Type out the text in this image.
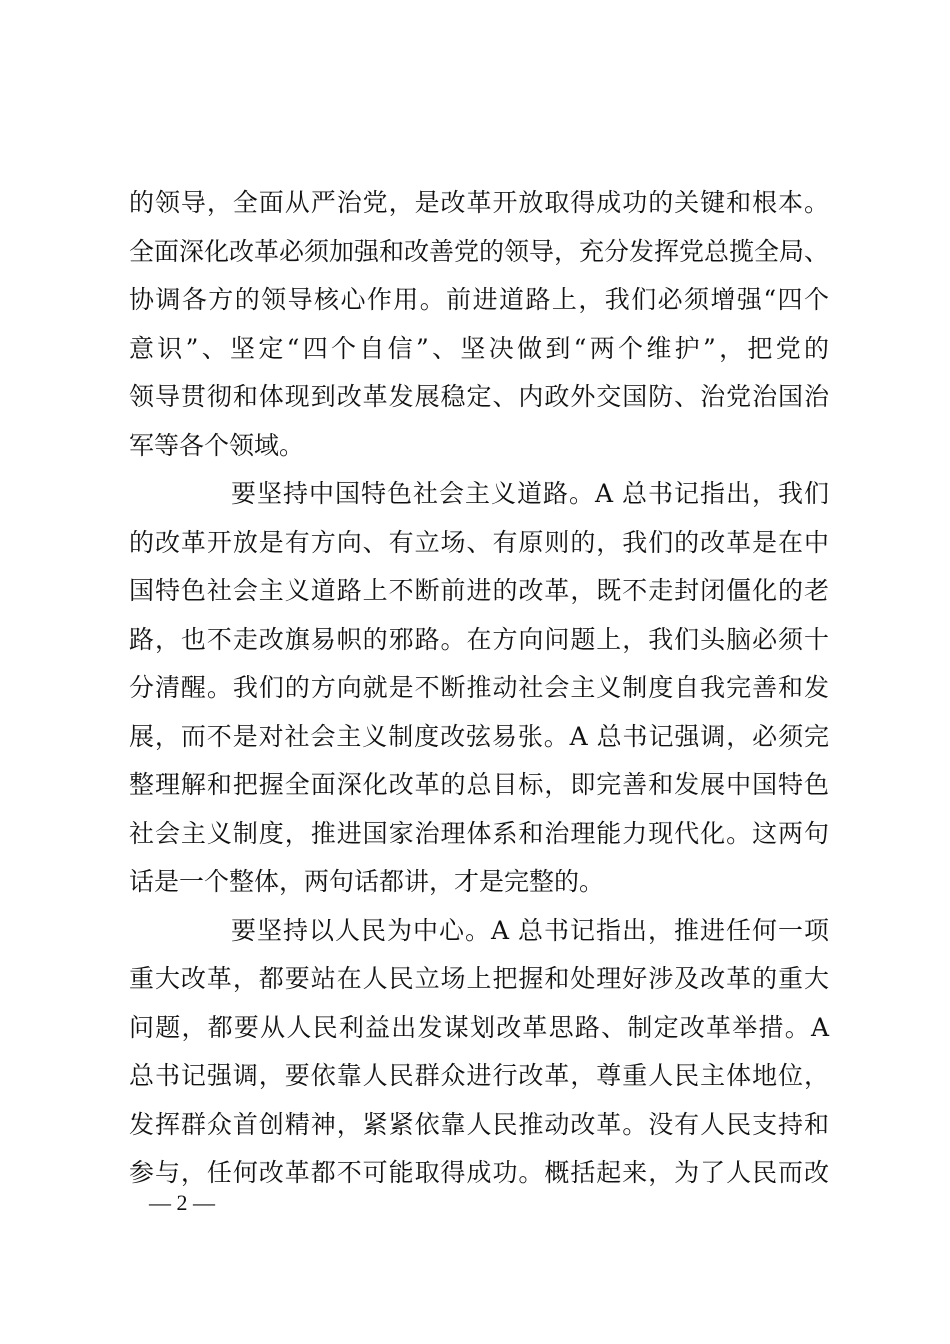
的领导，全面从严治党，是改革开放取得成功的关键和根本。
全面深化改革必须加强和改善党的领导，充分发挥党总揽全局、
协调各方的领导核心作用。前进道路上，我们必须增强“四个
意识”、坚定“四个自信”、坚决做到“两个维护”，把党的
领导贯彻和体现到改革发展稳定、内政外交国防、治党治国治
军等各个领域。
要坚持中国特色社会主义道路。A 总书记指出，我们
的改革开放是有方向、有立场、有原则的，我们的改革是在中
国特色社会主义道路上不断前进的改革，既不走封闭僵化的老
路，也不走改旗易帜的邪路。在方向问题上，我们头脑必须十
分清醒。我们的方向就是不断推动社会主义制度自我完善和发
展，而不是对社会主义制度改弦易张。A 总书记强调，必须完
整理解和把握全面深化改革的总目标，即完善和发展中国特色
社会主义制度，推进国家治理体系和治理能力现代化。这两句
话是一个整体，两句话都讲，才是完整的。
要坚持以人民为中心。A 总书记指出，推进任何一项
重大改革，都要站在人民立场上把握和处理好涉及改革的重大
问题，都要从人民利益出发谋划改革思路、制定改革举措。A
总书记强调，要依靠人民群众进行改革，尊重人民主体地位，
发挥群众首创精神，紧紧依靠人民推动改革。没有人民支持和
参与，任何改革都不可能取得成功。概括起来，为了人民而改

— 2 —
